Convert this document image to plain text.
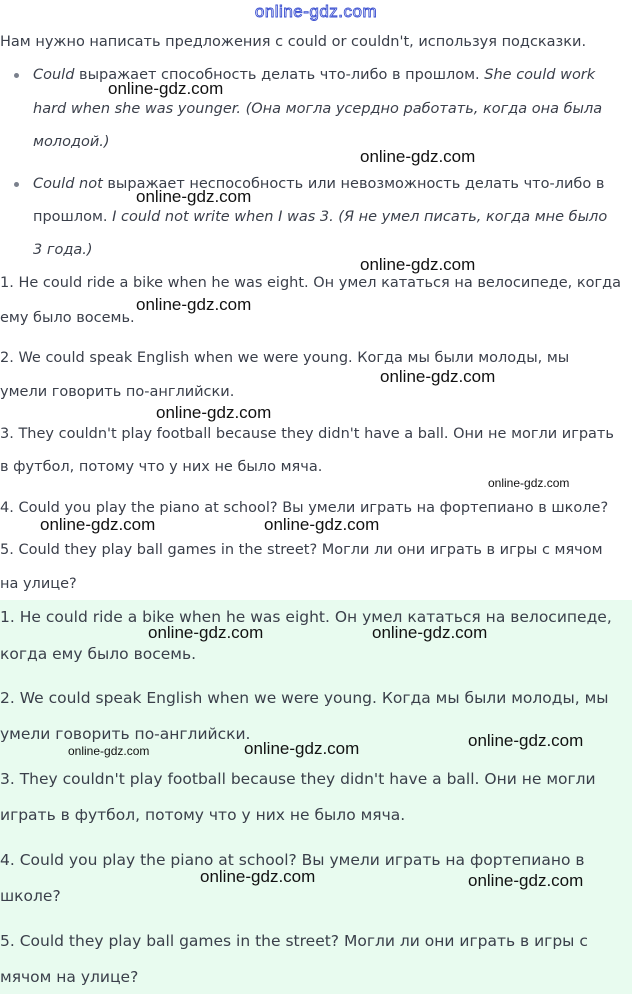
online-gdz.com
Нам нужно написать предложения с could or couldn't, используя подсказки.
Could выражает способность делать что-либо в прошлом. She could work
hard when she was younger. (Она могла усердно работать, когда она была
молодой.)
Could not выражает неспособность или невозможность делать что-либо в
прошлом. I could not write when I was 3. (Я не умел писать, когда мне было
3 года.)
1. He could ride a bike when he was eight. Он умел кататься на велосипеде, когда
ему было восемь.
2. We could speak English when we were young. Когда мы были молоды, мы
умели говорить по-английски.
3. They couldn't play football because they didn't have a ball. Они не могли играть
в футбол, потому что у них не было мяча.
4. Could you play the piano at school? Вы умели играть на фортепиано в школе?
5. Could they play ball games in the street? Могли ли они играть в игры с мячом
на улице?
1. He could ride a bike when he was eight. Он умел кататься на велосипеде,
когда ему было восемь.
2. We could speak English when we were young. Когда мы были молоды, мы
умели говорить по-английски.
3. They couldn't play football because they didn't have a ball. Они не могли
играть в футбол, потому что у них не было мяча.
4. Could you play the piano at school? Вы умели играть на фортепиано в
школе?
5. Could they play ball games in the street? Могли ли они играть в игры с
мячом на улице?
online-gdz.com
online-gdz.com
online-gdz.com
online-gdz.com
online-gdz.com
online-gdz.com
online-gdz.com
online-gdz.com
online-gdz.com	online-gdz.com
online-gdz.com	online-gdz.com
online-gdz.com
online-gdz.com
online-gdz.com
online-gdz.com	online-gdz.com
